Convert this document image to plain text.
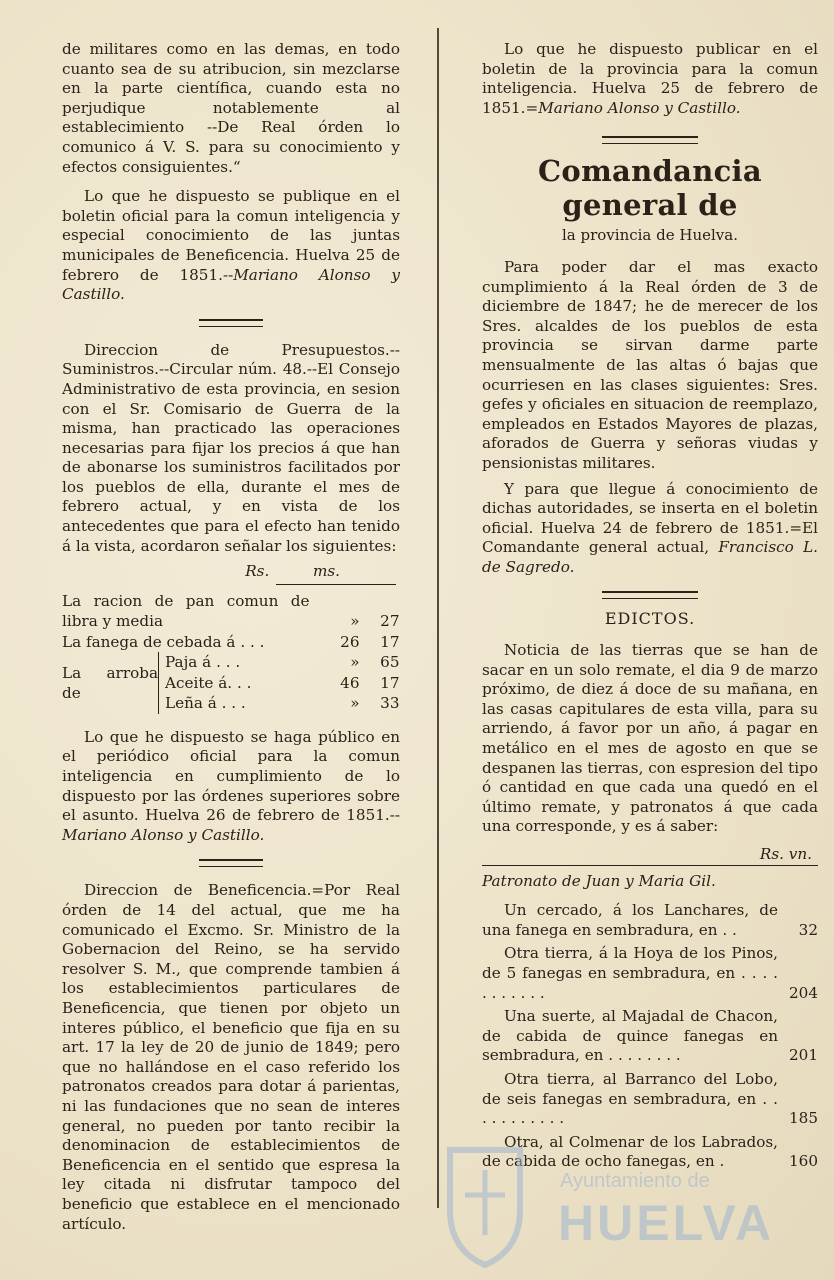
de militares como en las demas, en todo cuanto sea de su atribucion, sin mezclarse en la parte científica, cuando esta no perjudique notablemente al establecimiento --De Real órden lo comunico á V. S. para su conocimiento y efectos consiguientes.“

Lo que he dispuesto se publique en el boletin oficial para la comun inteligencia y especial conocimiento de las juntas municipales de Beneficencia. Huelva 25 de febrero de 1851.--Mariano Alonso y Castillo.

Direccion de Presupuestos.--Suministros.--Circular núm. 48.--El Consejo Administrativo de esta provincia, en sesion con el Sr. Comisario de Guerra de la misma, han practicado las operaciones necesarias para fijar los precios á que han de abonarse los suministros facilitados por los pueblos de ella, durante el mes de febrero actual, y en vista de los antecedentes que para el efecto han tenido á la vista, acordaron señalar los siguientes:

Rs.	ms.
La racion de pan comun de libra y media		»	27
La fanega de cebada á . . .		26	17
La arroba de	Paja á . . .	»	65
	Aceite á. . .	46	17
	Leña á . . .	»	33

Lo que he dispuesto se haga público en el periódico oficial para la comun inteligencia en cumplimiento de lo dispuesto por las órdenes superiores sobre el asunto. Huelva 26 de febrero de 1851.--Mariano Alonso y Castillo.

Direccion de Beneficencia.=Por Real órden de 14 del actual, que me ha comunicado el Excmo. Sr. Ministro de la Gobernacion del Reino, se ha servido resolver S. M., que comprende tambien á los establecimientos particulares de Beneficencia, que tienen por objeto un interes público, el beneficio que fija en su art. 17 la ley de 20 de junio de 1849; pero que no hallándose en el caso referido los patronatos creados para dotar á parientas, ni las fundaciones que no sean de interes general, no pueden por tanto recibir la denominacion de establecimientos de Beneficencia en el sentido que espresa la ley citada ni disfrutar tampoco del beneficio que establece en el mencionado artículo.

Lo que he dispuesto publicar en el boletin de la provincia para la comun inteligencia. Huelva 25 de febrero de 1851.=Mariano Alonso y Castillo.

Comandancia general de
la provincia de Huelva.

Para poder dar el mas exacto cumplimiento á la Real órden de 3 de diciembre de 1847; he de merecer de los Sres. alcaldes de los pueblos de esta provincia se sirvan darme parte mensualmente de las altas ó bajas que ocurriesen en las clases siguientes: Sres. gefes y oficiales en situacion de reemplazo, empleados en Estados Mayores de plazas, aforados de Guerra y señoras viudas y pensionistas militares.

Y para que llegue á conocimiento de dichas autoridades, se inserta en el boletin oficial. Huelva 24 de febrero de 1851.=El Comandante general actual, Francisco L. de Sagredo.

EDICTOS.

Noticia de las tierras que se han de sacar en un solo remate, el dia 9 de marzo próximo, de diez á doce de su mañana, en las casas capitulares de esta villa, para su arriendo, á favor por un año, á pagar en metálico en el mes de agosto en que se despanen las tierras, con espresion del tipo ó cantidad en que cada una quedó en el último remate, y patronatos á que cada una corresponde, y es á saber:

Rs. vn.
Patronato de Juan y Maria Gil.

Un cercado, á los Lanchares, de una fanega en sembradura, en . .	32

Otra tierra, á la Hoya de los Pinos, de 5 fanegas en sembradura, en . . . . . . . . . . .	204

Una suerte, al Majadal de Chacon, de cabida de quince fanegas en sembradura, en . . . . . . . .	201

Otra tierra, al Barranco del Lobo, de seis fanegas en sembradura, en . . . . . . . . . . .	185

Otra, al Colmenar de los Labrados, de cabida de ocho fanegas, en .	160
Ayuntamiento de
HUELVA
